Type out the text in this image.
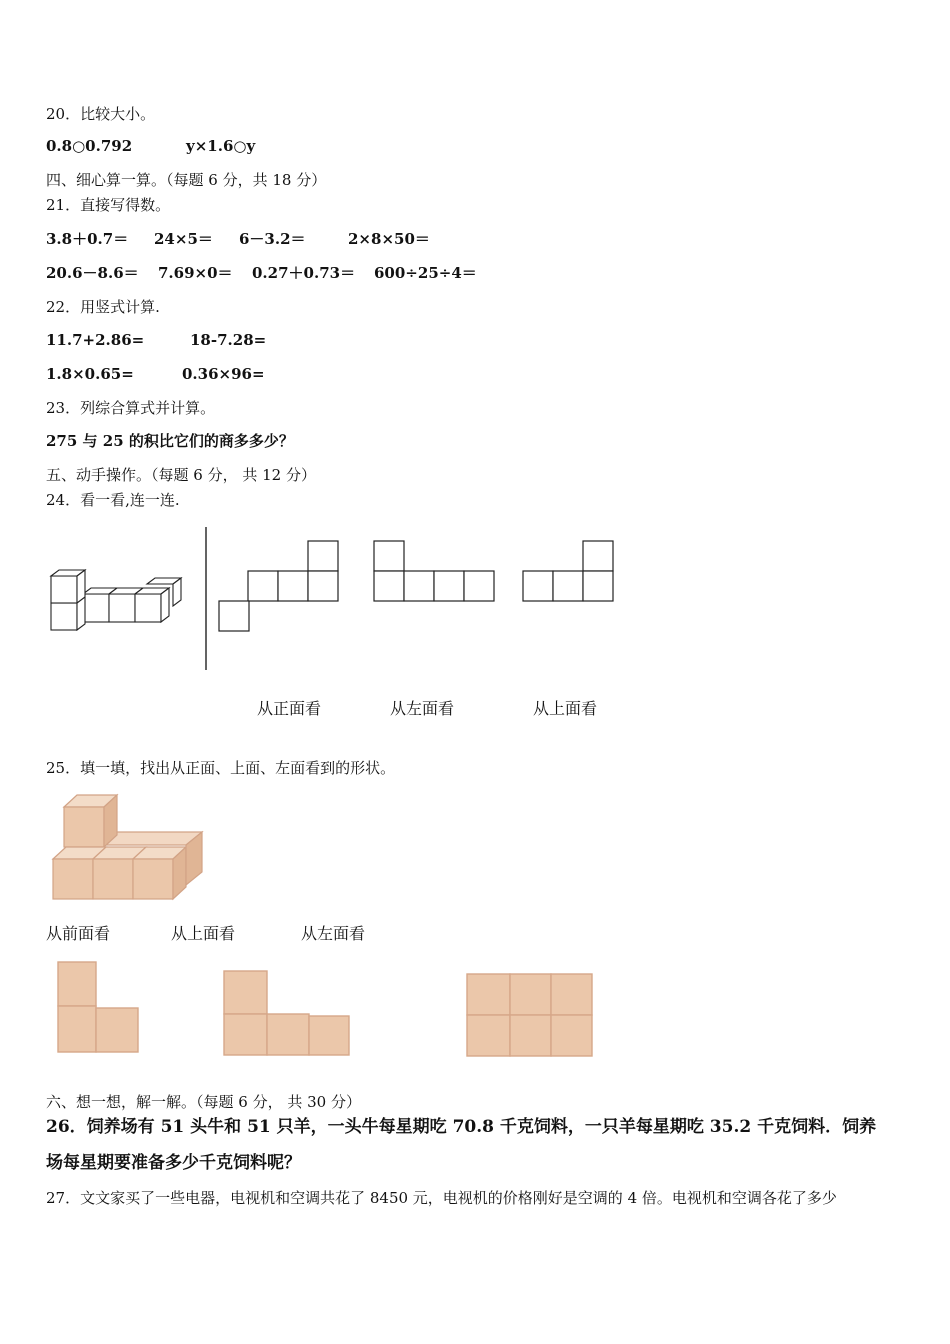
20．比较大小。
0.8○0.792	y×1.6○y
四、细心算一算。（每题 6 分，共 18 分）
21．直接写得数。
3.8＋0.7＝ 24×5＝ 6－3.2＝	2×8×50＝
20.6－8.6＝ 7.69×0＝ 0.27＋0.73＝ 600÷25÷4＝
22．用竖式计算.
11.7+2.86=	18-7.28=
1.8×0.65=	0.36×96=
23．列综合算式并计算。
275 与 25 的积比它们的商多多少？
五、动手操作。（每题 6 分， 共 12 分）
24．看一看,连一连.
从正面看	从左面看	从上面看
25．填一填，找出从正面、上面、左面看到的形状。
从前面看	从上面看	从左面看
六、想一想，解一解。（每题 6 分， 共 30 分）
26．饲养场有 51 头牛和 51 只羊，一头牛每星期吃 70.8 千克饲料，一只羊每星期吃 35.2 千克饲料．饲养
场每星期要准备多少千克饲料呢？
27．文文家买了一些电器，电视机和空调共花了 8450 元，电视机的价格刚好是空调的 4 倍。电视机和空调各花了多少
